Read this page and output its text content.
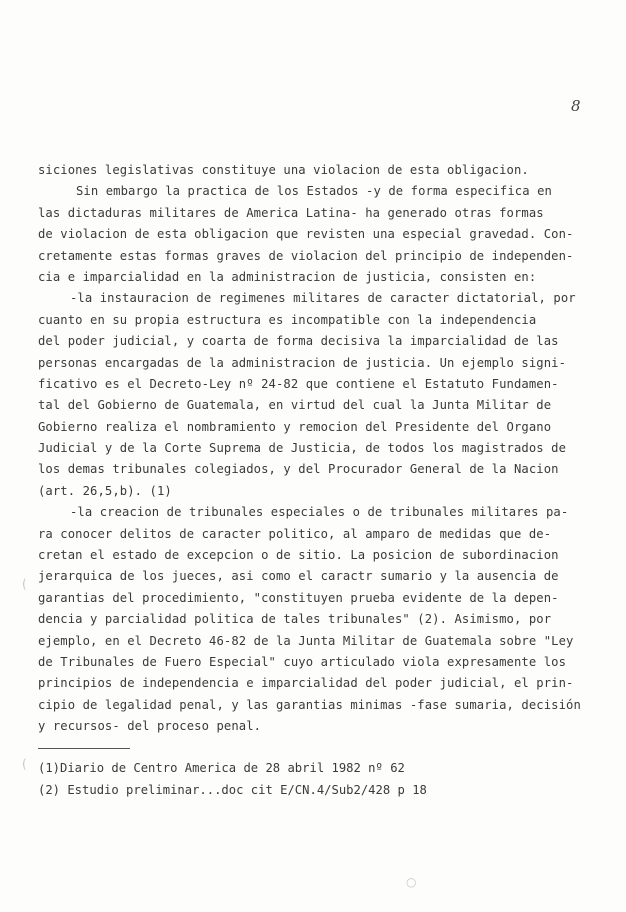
8
siciones legislativas constituye una violacion de esta obligacion.
Sin embargo la practica de los Estados -y de forma especifica en
las dictaduras militares de America Latina- ha generado otras formas
de violacion de esta obligacion que revisten una especial gravedad. Con-
cretamente estas formas graves de violacion del principio de independen-
cia e imparcialidad en la administracion de justicia, consisten en:
-la instauracion de regimenes militares de caracter dictatorial, por
cuanto en su propia estructura es incompatible con la independencia
del poder judicial, y coarta de forma decisiva la imparcialidad de las
personas encargadas de la administracion de justicia. Un ejemplo signi-
ficativo es el Decreto-Ley nº 24-82 que contiene el Estatuto Fundamen-
tal del Gobierno de Guatemala, en virtud del cual la Junta Militar de
Gobierno realiza el nombramiento y remocion del Presidente del Organo
Judicial y de la Corte Suprema de Justicia, de todos los magistrados de
los demas tribunales colegiados, y del Procurador General de la Nacion
(art. 26,5,b). (1)
-la creacion de tribunales especiales o de tribunales militares pa-
ra conocer delitos de caracter politico, al amparo de medidas que de-
cretan el estado de excepcion o de sitio. La posicion de subordinacion
jerarquica de los jueces, asi como el caractr sumario y la ausencia de
garantias del procedimiento, "constituyen prueba evidente de la depen-
dencia y parcialidad politica de tales tribunales" (2). Asimismo, por
ejemplo, en el Decreto 46-82 de la Junta Militar de Guatemala sobre "Ley
de Tribunales de Fuero Especial" cuyo articulado viola expresamente los
principios de independencia e imparcialidad del poder judicial, el prin-
cipio de legalidad penal, y las garantias minimas -fase sumaria, decisión
y recursos- del proceso penal.
(1)Diario de Centro America de 28 abril 1982 nº 62
(2) Estudio preliminar...doc cit E/CN.4/Sub2/428 p 18
(
(
○
